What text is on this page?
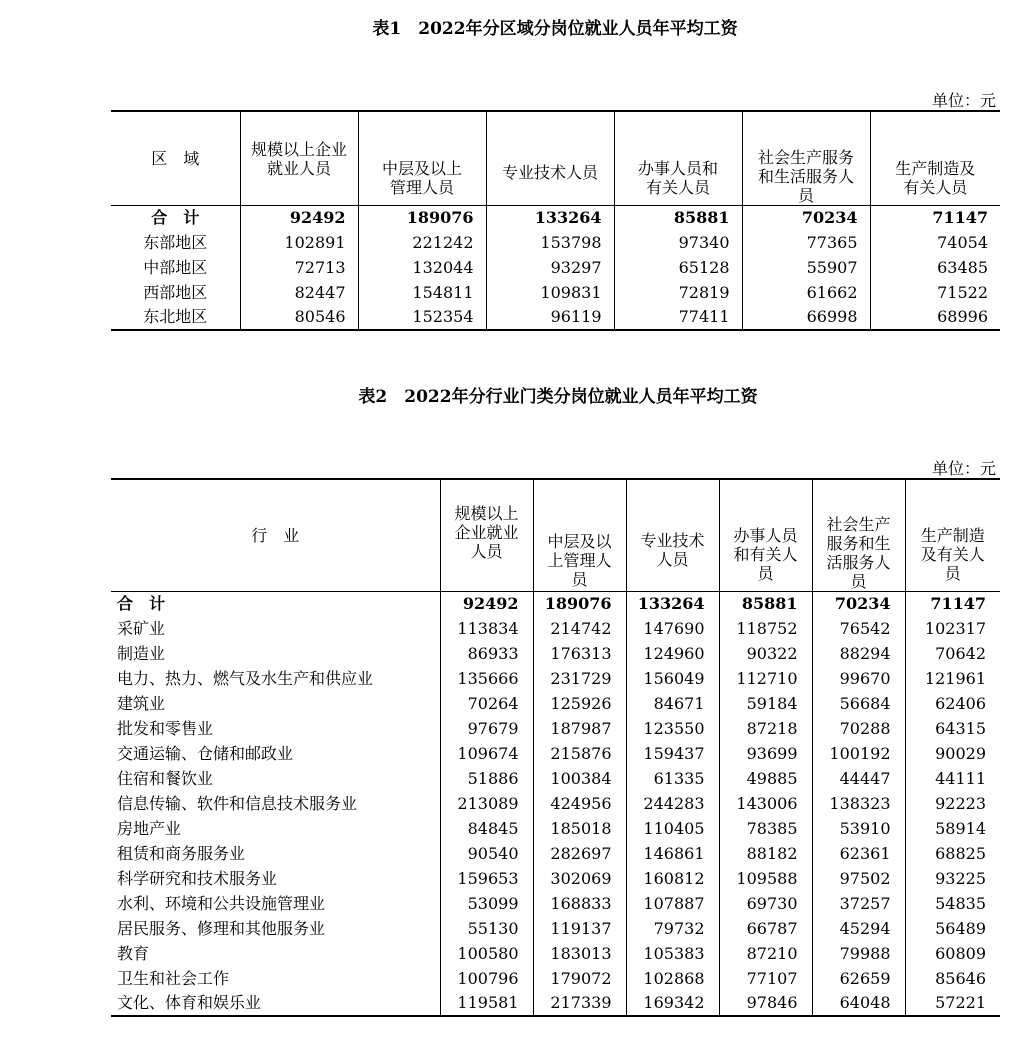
表1　2022年分区域分岗位就业人员年平均工资
单位：元
区　域	规模以上企业就业人员	中层及以上管理人员	专业技术人员	办事人员和有关人员	社会生产服务和生活服务人员	生产制造及有关人员
合　计	92492	189076	133264	85881	70234	71147
东部地区	102891	221242	153798	97340	77365	74054
中部地区	72713	132044	93297	65128	55907	63485
西部地区	82447	154811	109831	72819	61662	71522
东北地区	80546	152354	96119	77411	66998	68996
表2　2022年分行业门类分岗位就业人员年平均工资
单位：元
行　业	规模以上企业就业人员	中层及以上管理人员	专业技术人员	办事人员和有关人员	社会生产服务和生活服务人员	生产制造及有关人员
合　计	92492	189076	133264	85881	70234	71147
采矿业	113834	214742	147690	118752	76542	102317
制造业	86933	176313	124960	90322	88294	70642
电力、热力、燃气及水生产和供应业	135666	231729	156049	112710	99670	121961
建筑业	70264	125926	84671	59184	56684	62406
批发和零售业	97679	187987	123550	87218	70288	64315
交通运输、仓储和邮政业	109674	215876	159437	93699	100192	90029
住宿和餐饮业	51886	100384	61335	49885	44447	44111
信息传输、软件和信息技术服务业	213089	424956	244283	143006	138323	92223
房地产业	84845	185018	110405	78385	53910	58914
租赁和商务服务业	90540	282697	146861	88182	62361	68825
科学研究和技术服务业	159653	302069	160812	109588	97502	93225
水利、环境和公共设施管理业	53099	168833	107887	69730	37257	54835
居民服务、修理和其他服务业	55130	119137	79732	66787	45294	56489
教育	100580	183013	105383	87210	79988	60809
卫生和社会工作	100796	179072	102868	77107	62659	85646
文化、体育和娱乐业	119581	217339	169342	97846	64048	57221
